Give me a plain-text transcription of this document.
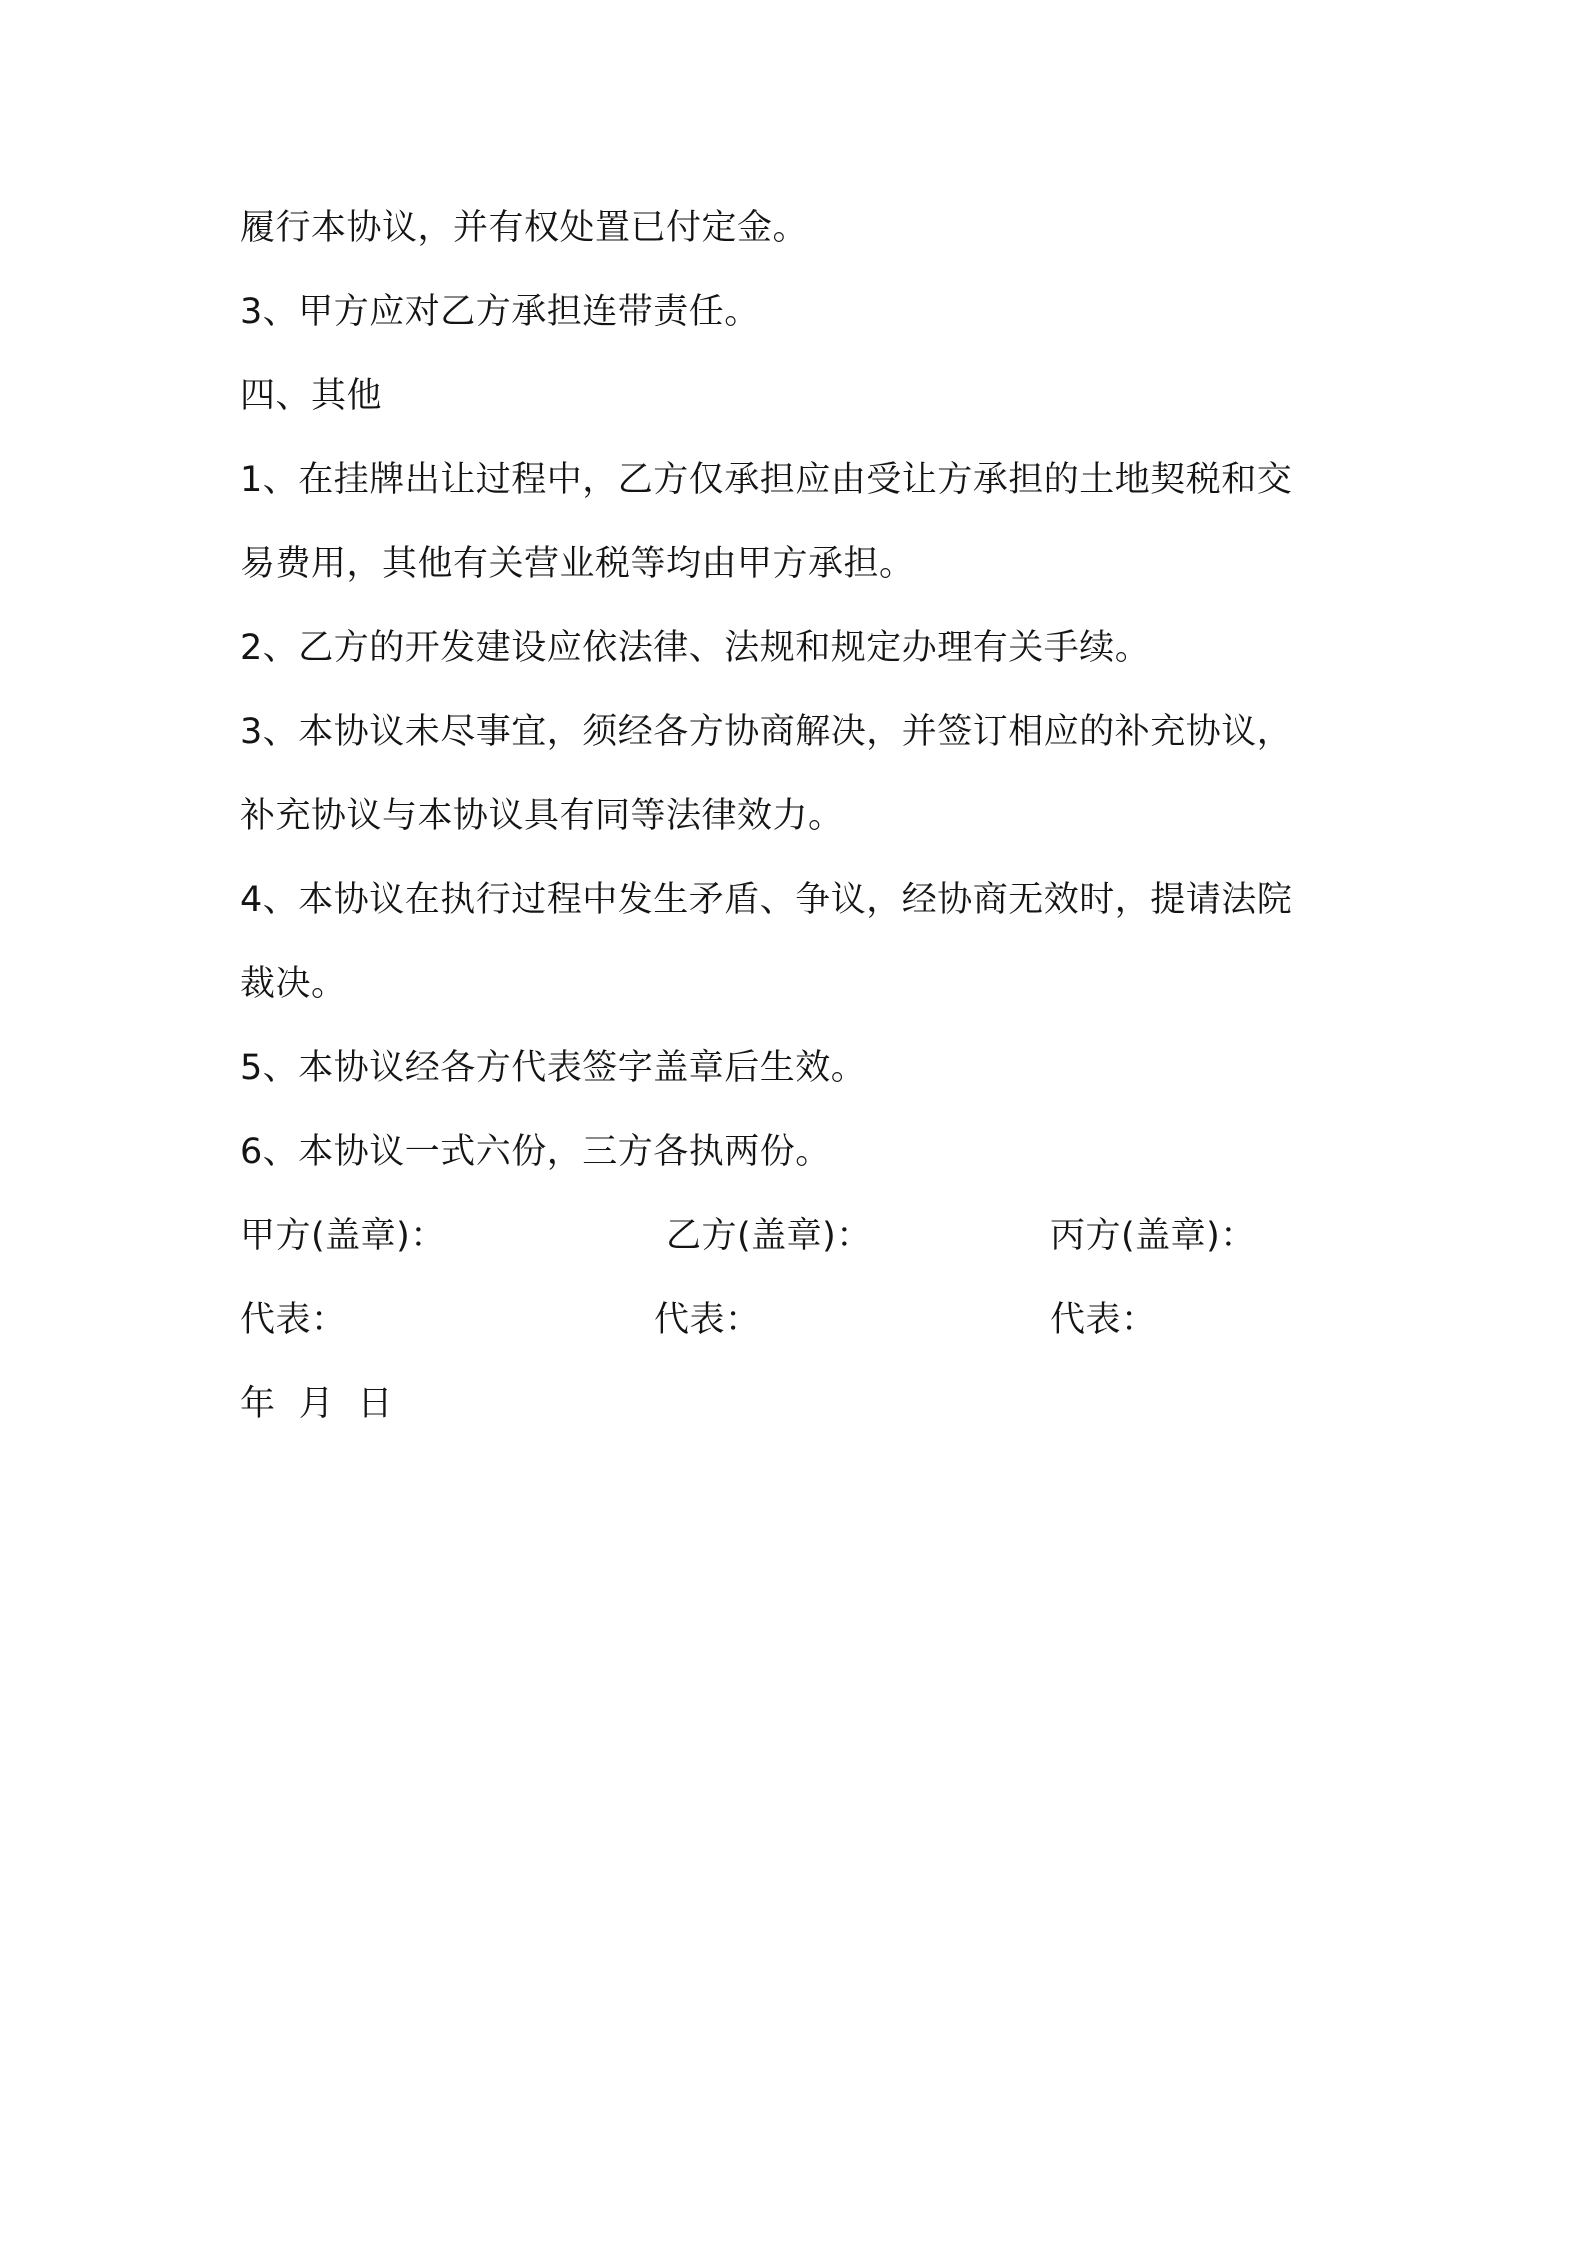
履行本协议，并有权处置已付定金。
3、甲方应对乙方承担连带责任。
四、其他
1、在挂牌出让过程中，乙方仅承担应由受让方承担的土地契税和交
易费用，其他有关营业税等均由甲方承担。
2、乙方的开发建设应依法律、法规和规定办理有关手续。
3、本协议未尽事宜，须经各方协商解决，并签订相应的补充协议，
补充协议与本协议具有同等法律效力。
4、本协议在执行过程中发生矛盾、争议，经协商无效时，提请法院
裁决。
5、本协议经各方代表签字盖章后生效。
6、本协议一式六份，三方各执两份。
甲方(盖章)：	乙方(盖章)：	丙方(盖章)：
代表：	代表：	代表：
年  月  日
